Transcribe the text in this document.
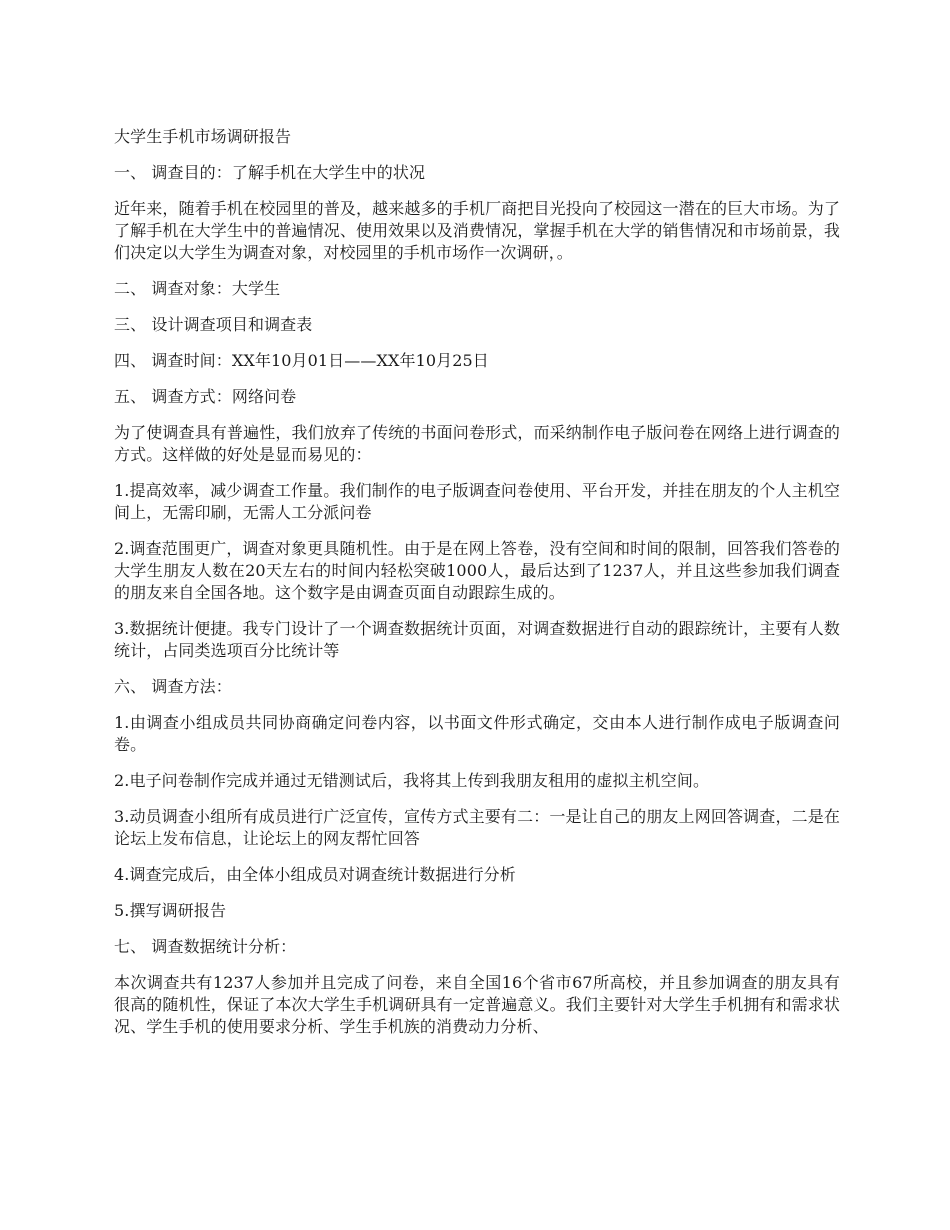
大学生手机市场调研报告

一、 调查目的：了解手机在大学生中的状况

近年来，随着手机在校园里的普及，越来越多的手机厂商把目光投向了校园这一潜在的巨大市场。为了了解手机在大学生中的普遍情况、使用效果以及消费情况，掌握手机在大学的销售情况和市场前景，我们决定以大学生为调查对象，对校园里的手机市场作一次调研，。

二、 调查对象：大学生

三、 设计调查项目和调查表

四、 调查时间：XX年10月01日——XX年10月25日

五、 调查方式：网络问卷

为了使调查具有普遍性，我们放弃了传统的书面问卷形式，而采纳制作电子版问卷在网络上进行调查的方式。这样做的好处是显而易见的：

1.提高效率，减少调查工作量。我们制作的电子版调查问卷使用、平台开发，并挂在朋友的个人主机空间上，无需印刷，无需人工分派问卷

2.调查范围更广，调查对象更具随机性。由于是在网上答卷，没有空间和时间的限制，回答我们答卷的大学生朋友人数在20天左右的时间内轻松突破1000人，最后达到了1237人，并且这些参加我们调查的朋友来自全国各地。这个数字是由调查页面自动跟踪生成的。

3.数据统计便捷。我专门设计了一个调查数据统计页面，对调查数据进行自动的跟踪统计，主要有人数统计，占同类选项百分比统计等

六、 调查方法：

1.由调查小组成员共同协商确定问卷内容，以书面文件形式确定，交由本人进行制作成电子版调查问卷。

2.电子问卷制作完成并通过无错测试后，我将其上传到我朋友租用的虚拟主机空间。

3.动员调查小组所有成员进行广泛宣传，宣传方式主要有二：一是让自己的朋友上网回答调查，二是在论坛上发布信息，让论坛上的网友帮忙回答

4.调查完成后，由全体小组成员对调查统计数据进行分析

5.撰写调研报告

七、 调查数据统计分析：

本次调查共有1237人参加并且完成了问卷，来自全国16个省市67所高校，并且参加调查的朋友具有很高的随机性，保证了本次大学生手机调研具有一定普遍意义。我们主要针对大学生手机拥有和需求状况、学生手机的使用要求分析、学生手机族的消费动力分析、
